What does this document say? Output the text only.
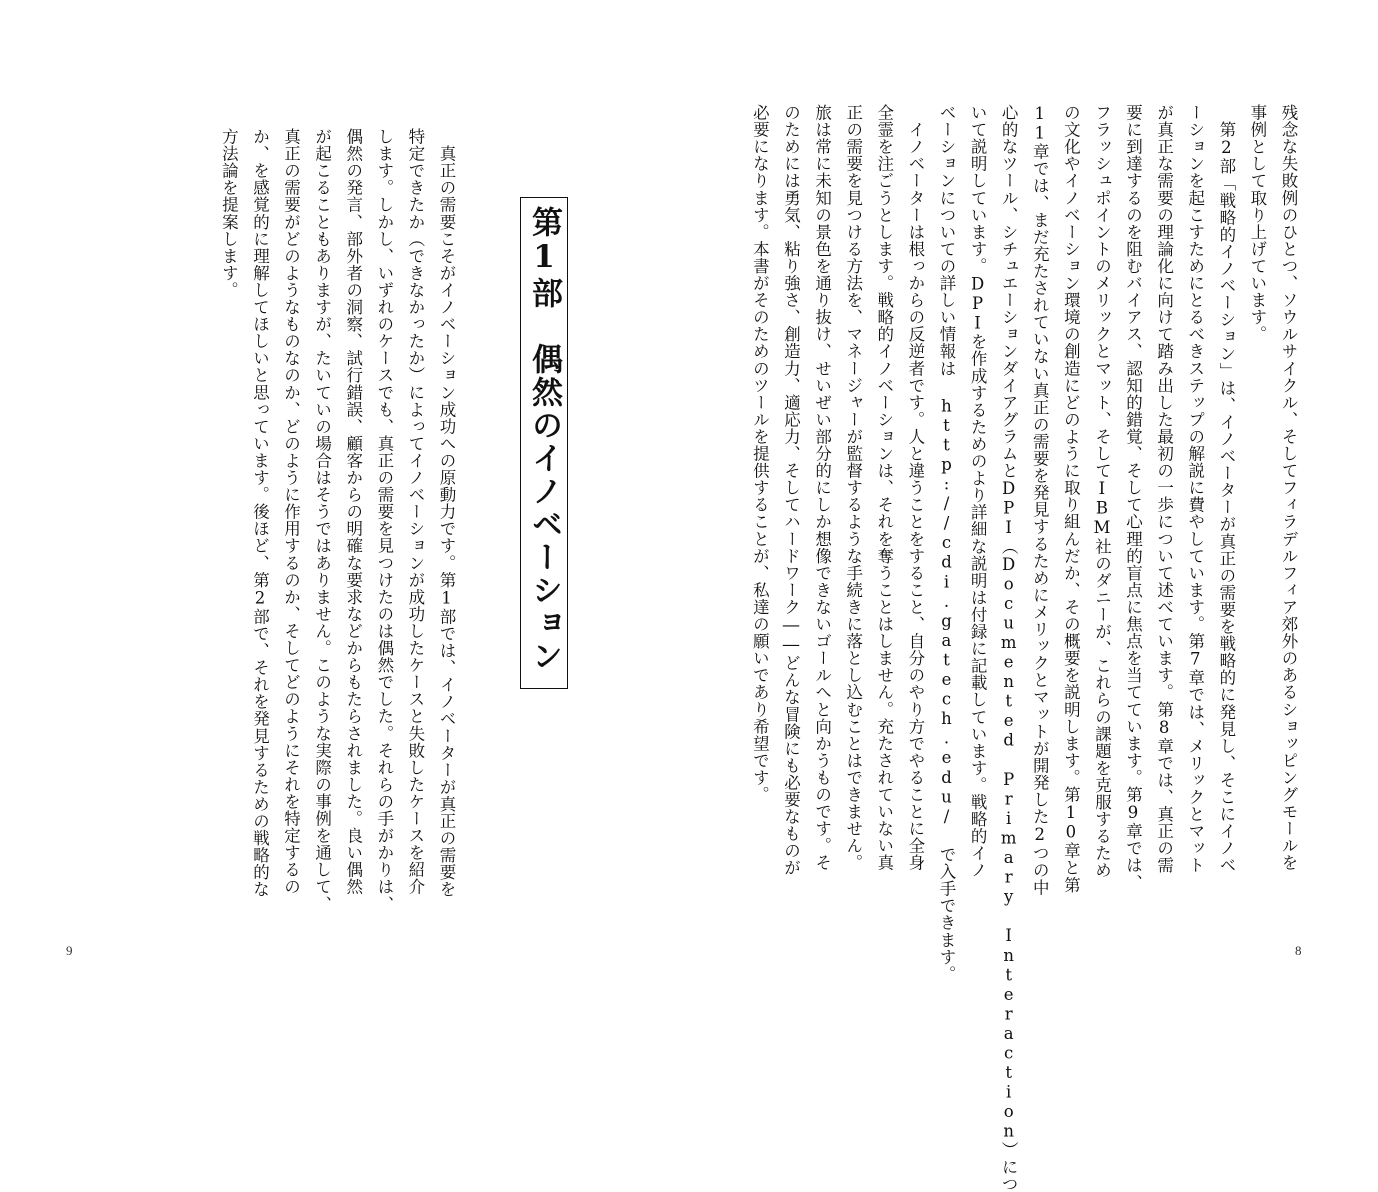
　真正の需要こそがイノベーション成功への原動力です。第1部では、イノベーターが真正の需要を
特定できたか（できなかったか）によってイノベーションが成功したケースと失敗したケースを紹介
します。しかし、いずれのケースでも、真正の需要を見つけたのは偶然でした。それらの手がかりは、
偶然の発言、部外者の洞察、試行錯誤、顧客からの明確な要求などからもたらされました。良い偶然
が起こることもありますが、たいていの場合はそうではありません。このような実際の事例を通して、
真正の需要がどのようなものなのか、どのように作用するのか、そしてどのようにそれを特定するの
か、を感覚的に理解してほしいと思っています。後ほど、第2部で、それを発見するための戦略的な
方法論を提案します。	第1部　偶然のイノベーション
9
残念な失敗例のひとつ、ソウルサイクル、そしてフィラデルフィア郊外のあるショッピングモールを
事例として取り上げています。
　第2部「戦略的イノベーション」は、イノベーターが真正の需要を戦略的に発見し、そこにイノベ
ーションを起こすためにとるべきステップの解説に費やしています。第7章では、メリックとマット
が真正な需要の理論化に向けて踏み出した最初の一歩について述べています。第8章では、真正の需
要に到達するのを阻むバイアス、認知的錯覚、そして心理的盲点に焦点を当てています。第9章では、
フラッシュポイントのメリックとマット、そしてIBM社のダニーが、これらの課題を克服するため
の文化やイノベーション環境の創造にどのように取り組んだか、その概要を説明します。第10章と第
11章では、まだ充たされていない真正の需要を発見するためにメリックとマットが開発した2つの中
心的なツール、シチュエーションダイアグラムとDPI（Documented Primary Interaction）につ
いて説明しています。DPIを作成するためのより詳細な説明は付録に記載しています。戦略的イノ
ベーションについての詳しい情報は http://cdi.gatech.edu/ で入手できます。
　イノベーターは根っからの反逆者です。人と違うことをすること、自分のやり方でやることに全身
全霊を注ごうとします。戦略的イノベーションは、それを奪うことはしません。充たされていない真
正の需要を見つける方法を、マネージャーが監督するような手続きに落とし込むことはできません。
旅は常に未知の景色を通り抜け、せいぜい部分的にしか想像できないゴールへと向かうものです。そ
のためには勇気、粘り強さ、創造力、適応力、そしてハードワーク――どんな冒険にも必要なものが
必要になります。本書がそのためのツールを提供することが、私達の願いであり希望です。
8
